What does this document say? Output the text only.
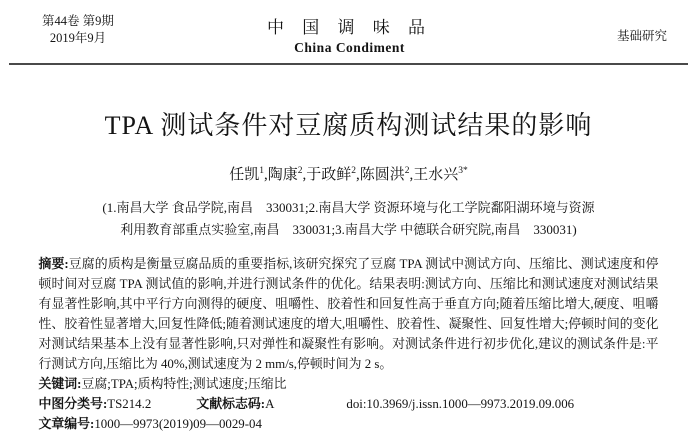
第44卷 第9期
2019年9月
中 国 调 味 品
China Condiment
基础研究
TPA 测试条件对豆腐质构测试结果的影响
任凯$^1$,陶康$^2$,于政鲜$^2$,陈圆洪$^2$,王水兴$^{3*}$
(1.南昌大学 食品学院,南昌　330031;2.南昌大学 资源环境与化工学院鄱阳湖环境与资源
利用教育部重点实验室,南昌　330031;3.南昌大学 中德联合研究院,南昌　330031)

摘要:豆腐的质构是衡量豆腐品质的重要指标,该研究探究了豆腐 TPA 测试中测试方向、压缩比、测试速度和停顿时间对豆腐 TPA 测试值的影响,并进行测试条件的优化。结果表明:测试方向、压缩比和测试速度对测试结果有显著性影响,其中平行方向测得的硬度、咀嚼性、胶着性和回复性高于垂直方向;随着压缩比增大,硬度、咀嚼性、胶着性显著增大,回复性降低;随着测试速度的增大,咀嚼性、胶着性、凝聚性、回复性增大;停顿时间的变化对测试结果基本上没有显著性影响,只对弹性和凝聚性有影响。对测试条件进行初步优化,建议的测试条件是:平行测试方向,压缩比为 40%,测试速度为 2 mm/s,停顿时间为 2 s。

关键词:豆腐;TPA;质构特性;测试速度;压缩比

中图分类号:TS214.2	文献标志码:A	doi:10.3969/j.issn.1000—9973.2019.09.006
文章编号:1000—9973(2019)09—0029-04
